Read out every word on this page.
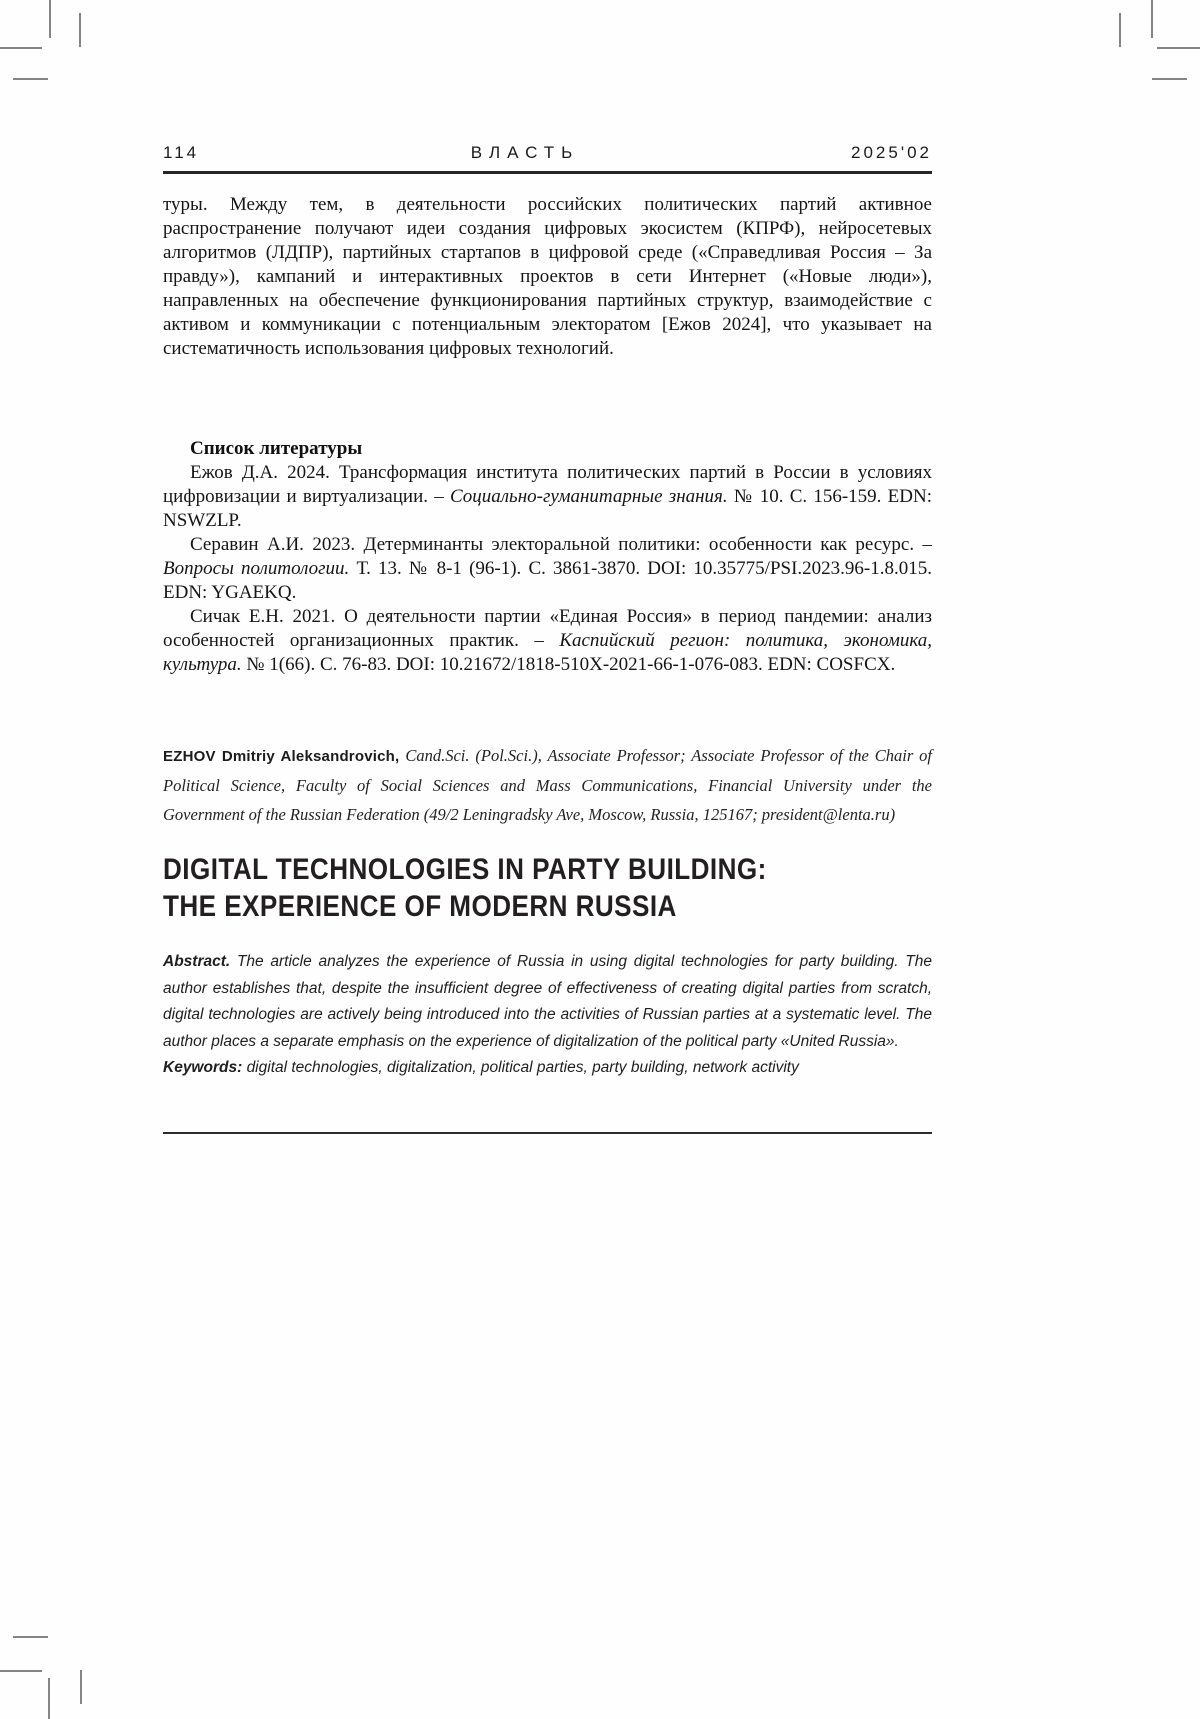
114	ВЛАСТЬ	2025'02

туры. Между тем, в деятельности российских политических партий активное распространение получают идеи создания цифровых экосистем (КПРФ), нейросетевых алгоритмов (ЛДПР), партийных стартапов в цифровой среде («Справедливая Россия – За правду»), кампаний и интерактивных проектов в сети Интернет («Новые люди»), направленных на обеспечение функционирования партийных структур, взаимодействие с активом и коммуникации с потенциальным электоратом [Ежов 2024], что указывает на систематичность использования цифровых технологий.

Список литературы

Ежов Д.А. 2024. Трансформация института политических партий в России в условиях цифровизации и виртуализации. – Социально-гуманитарные знания. № 10. С. 156-159. EDN: NSWZLP.

Серавин А.И. 2023. Детерминанты электоральной политики: особенности как ресурс. – Вопросы политологии. Т. 13. № 8-1 (96-1). С. 3861-3870. DOI: 10.35775/PSI.2023.96-1.8.015. EDN: YGAEKQ.

Сичак Е.Н. 2021. О деятельности партии «Единая Россия» в период пандемии: анализ особенностей организационных практик. – Каспийский регион: политика, экономика, культура. № 1(66). С. 76-83. DOI: 10.21672/1818-510X-2021-66-1-076-083. EDN: COSFCX.

EZHOV Dmitriy Aleksandrovich, Cand.Sci. (Pol.Sci.), Associate Professor; Associate Professor of the Chair of Political Science, Faculty of Social Sciences and Mass Communications, Financial University under the Government of the Russian Federation (49/2 Leningradsky Ave, Moscow, Russia, 125167; president@lenta.ru)

DIGITAL TECHNOLOGIES IN PARTY BUILDING:
THE EXPERIENCE OF MODERN RUSSIA

Abstract. The article analyzes the experience of Russia in using digital technologies for party building. The author establishes that, despite the insufficient degree of effectiveness of creating digital parties from scratch, digital technologies are actively being introduced into the activities of Russian parties at a systematic level. The author places a separate emphasis on the experience of digitalization of the political party «United Russia».

Keywords: digital technologies, digitalization, political parties, party building, network activity
